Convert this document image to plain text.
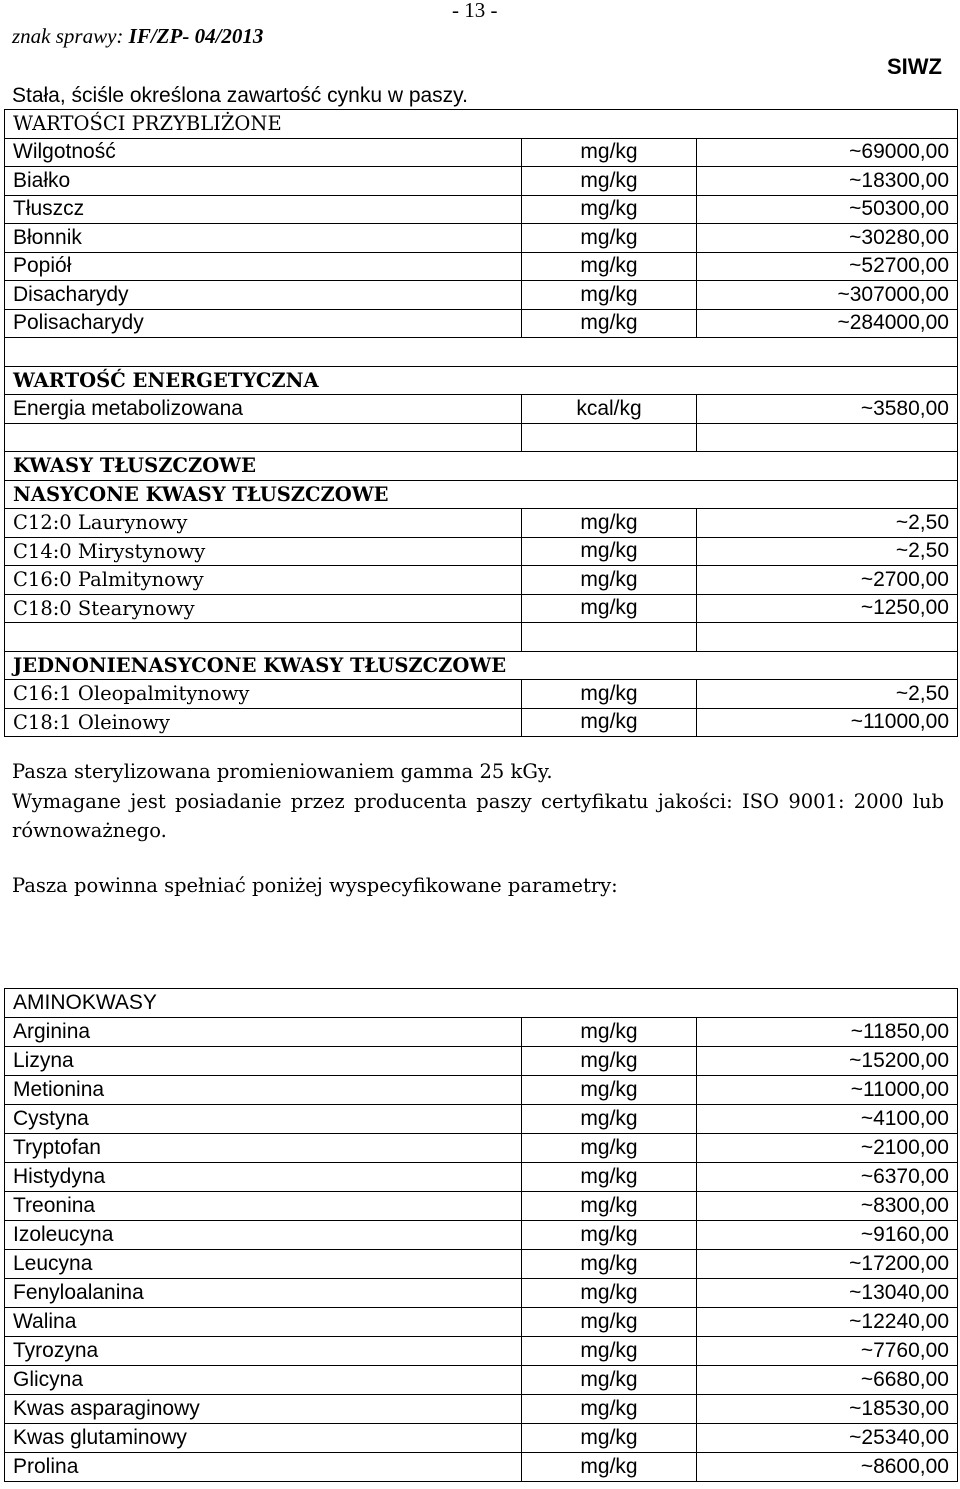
- 13 -
znak sprawy: IF/ZP- 04/2013
SIWZ
Stała, ściśle określona zawartość cynku w paszy.
WARTOŚCI PRZYBLIŻONE		
Wilgotność	mg/kg	~69000,00
Białko	mg/kg	~18300,00
Tłuszcz	mg/kg	~50300,00
Błonnik	mg/kg	~30280,00
Popiół	mg/kg	~52700,00
Disacharydy	mg/kg	~307000,00
Polisacharydy	mg/kg	~284000,00

WARTOŚĆ ENERGETYCZNA		
Energia metabolizowana	kcal/kg	~3580,00

KWASY TŁUSZCZOWE		
NASYCONE KWASY TŁUSZCZOWE		
C12:0 Laurynowy	mg/kg	~2,50
C14:0 Mirystynowy	mg/kg	~2,50
C16:0 Palmitynowy	mg/kg	~2700,00
C18:0 Stearynowy	mg/kg	~1250,00

JEDNONIENASYCONE KWASY TŁUSZCZOWE		
C16:1 Oleopalmitynowy	mg/kg	~2,50
C18:1 Oleinowy	mg/kg	~11000,00
Pasza sterylizowana promieniowaniem gamma 25 kGy.
Wymagane jest posiadanie przez producenta paszy certyfikatu jakości: ISO 9001: 2000 lub równoważnego.
Pasza powinna spełniać poniżej wyspecyfikowane parametry:
AMINOKWASY		
Arginina	mg/kg	~11850,00
Lizyna	mg/kg	~15200,00
Metionina	mg/kg	~11000,00
Cystyna	mg/kg	~4100,00
Tryptofan	mg/kg	~2100,00
Histydyna	mg/kg	~6370,00
Treonina	mg/kg	~8300,00
Izoleucyna	mg/kg	~9160,00
Leucyna	mg/kg	~17200,00
Fenyloalanina	mg/kg	~13040,00
Walina	mg/kg	~12240,00
Tyrozyna	mg/kg	~7760,00
Glicyna	mg/kg	~6680,00
Kwas asparaginowy	mg/kg	~18530,00
Kwas glutaminowy	mg/kg	~25340,00
Prolina	mg/kg	~8600,00
